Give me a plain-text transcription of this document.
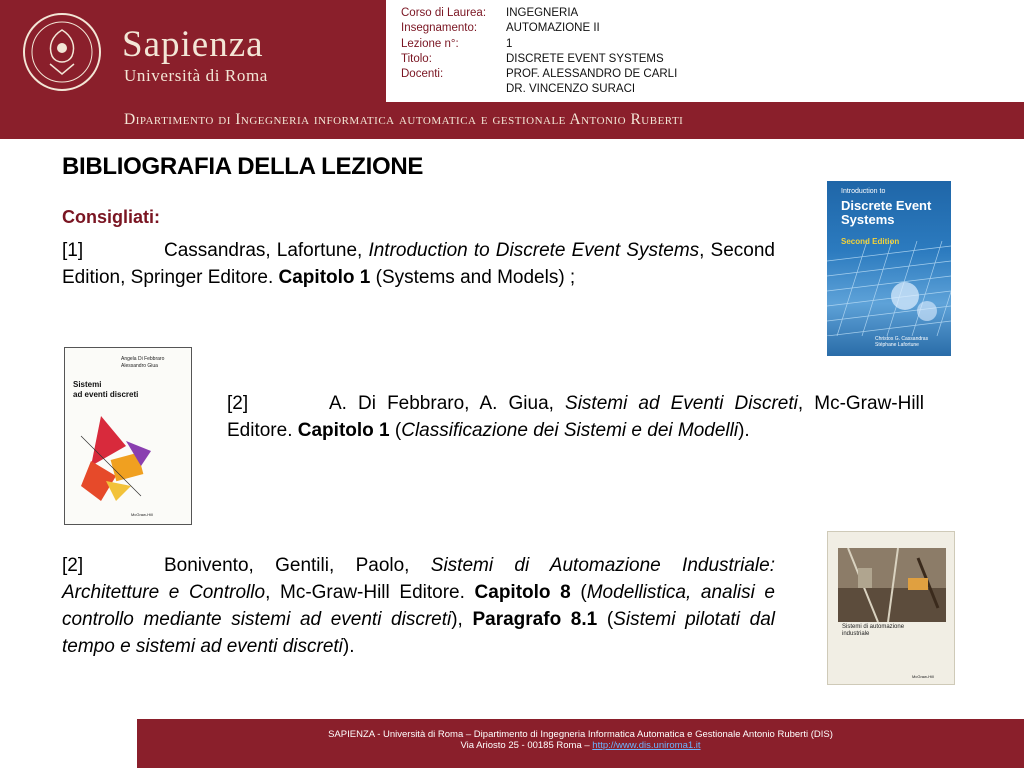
Sapienza
Università di Roma
Corso di Laurea:	INGEGNERIA
Insegnamento:	AUTOMAZIONE II
Lezione n°:	1
Titolo:	DISCRETE EVENT SYSTEMS
Docenti:	PROF. ALESSANDRO DE CARLI
DR. VINCENZO SURACI
Dipartimento di Ingegneria informatica automatica e gestionale Antonio Ruberti
BIBLIOGRAFIA DELLA LEZIONE
Consigliati:

[1]	Cassandras, Lafortune, Introduction to Discrete Event Systems, Second Edition, Springer Editore. Capitolo 1 (Systems and Models) ;

[2]	A. Di Febbraro, A. Giua, Sistemi ad Eventi Discreti, Mc-Graw-Hill Editore. Capitolo 1 (Classificazione dei Sistemi e dei Modelli).

[2]	Bonivento, Gentili, Paolo, Sistemi di Automazione Industriale: Architetture e Controllo, Mc-Graw-Hill Editore. Capitolo 8 (Modellistica, analisi e controllo mediante sistemi ad eventi discreti), Paragrafo 8.1 (Sistemi pilotati dal tempo e sistemi ad eventi discreti).

Introduction to
Discrete Event
Systems
Second Edition
Christos G. Cassandras
Stéphane Lafortune
Angela Di Febbraro
Alessandro Giua
Sistemi
ad eventi discreti
McGraw-Hill
Sistemi di automazione
industriale
McGraw-Hill
SAPIENZA - Università di Roma – Dipartimento di Ingegneria Informatica Automatica e Gestionale Antonio Ruberti (DIS)
Via Ariosto 25 - 00185 Roma – http://www.dis.uniroma1.it
